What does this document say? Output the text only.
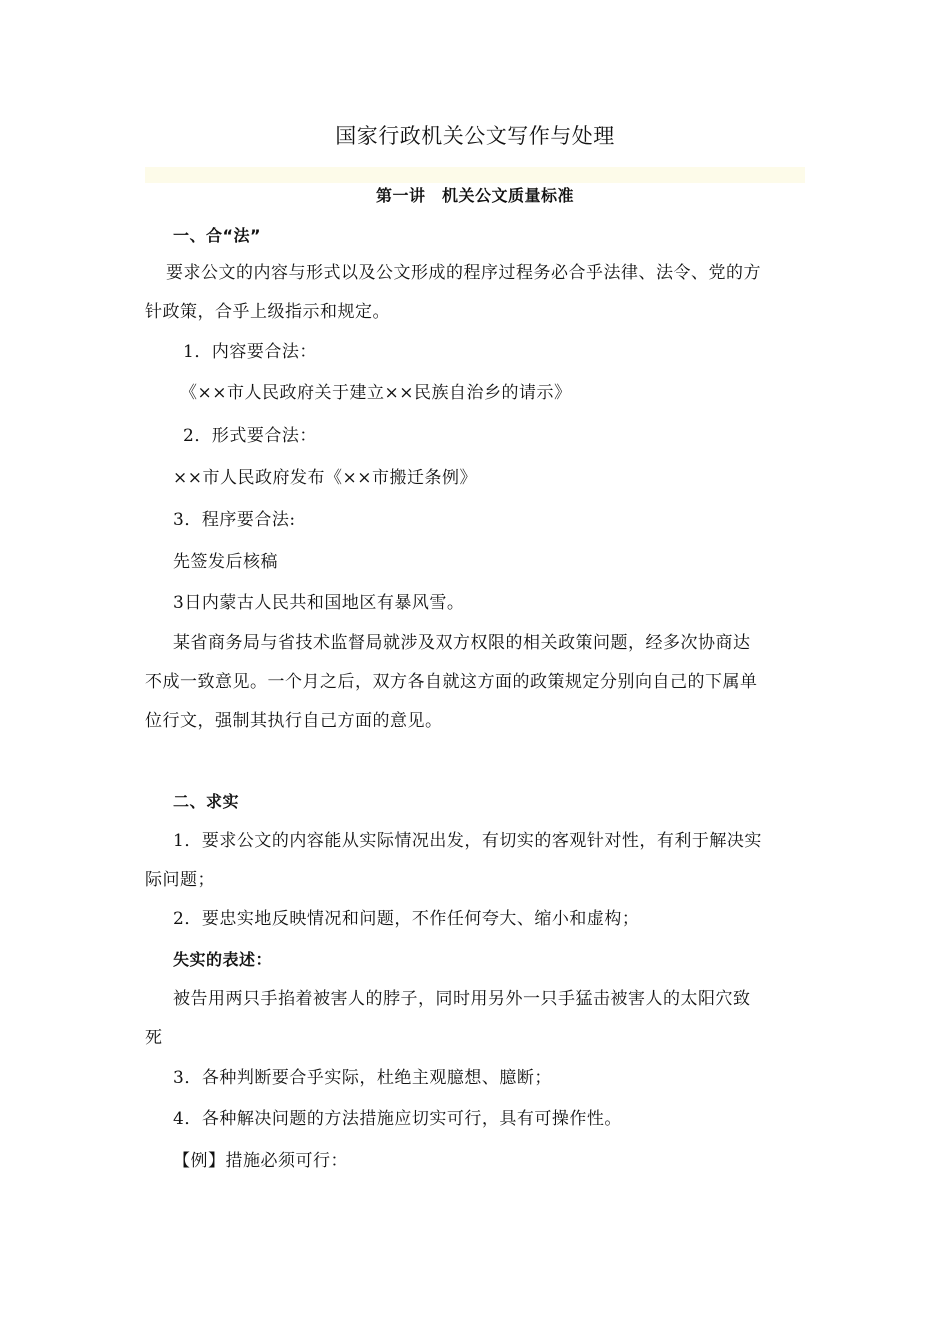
国家行政机关公文写作与处理
第一讲　机关公文质量标准
一、合“法”
要求公文的内容与形式以及公文形成的程序过程务必合乎法律、法令、党的方
针政策，合乎上级指示和规定。
1．内容要合法：
《××市人民政府关于建立××民族自治乡的请示》
2．形式要合法：
××市人民政府发布《××市搬迁条例》
3．程序要合法:
先签发后核稿
3日内蒙古人民共和国地区有暴风雪。
某省商务局与省技术监督局就涉及双方权限的相关政策问题，经多次协商达
不成一致意见。一个月之后，双方各自就这方面的政策规定分别向自己的下属单
位行文，强制其执行自己方面的意见。
二、求实
1．要求公文的内容能从实际情况出发，有切实的客观针对性，有利于解决实
际问题；
2．要忠实地反映情况和问题，不作任何夸大、缩小和虚构；
失实的表述：
被告用两只手掐着被害人的脖子，同时用另外一只手猛击被害人的太阳穴致
死
3．各种判断要合乎实际，杜绝主观臆想、臆断；
4．各种解决问题的方法措施应切实可行，具有可操作性。
【例】措施必须可行：
